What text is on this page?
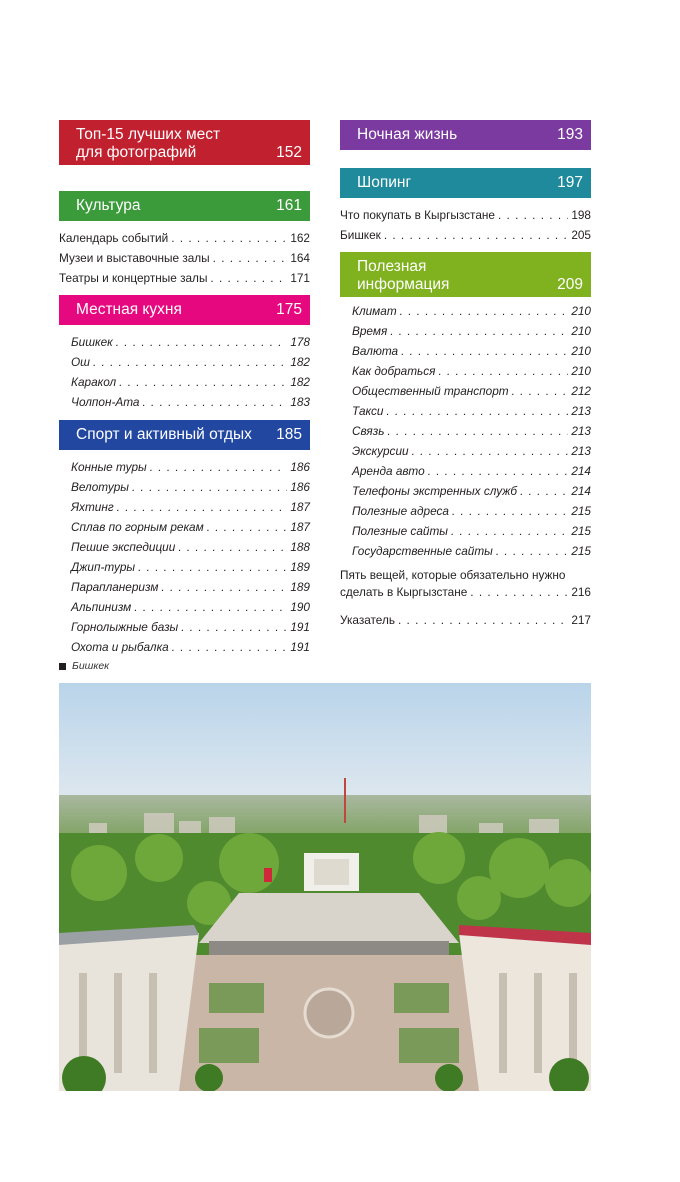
Топ-15 лучших мест
для фотографий	152
Культура	161
Календарь событий . . .	162
Музеи и выставочные залы . . .	164
Театры и концертные залы . . .	171
Местная кухня	175
Бишкек . . .	178
Ош . . .	182
Каракол . . .	182
Чолпон-Ата . . .	183
Спорт и активный отдых 185
Конные туры . . .	186
Велотуры . . .	186
Яхтинг . . .	187
Сплав по горным рекам . . .	187
Пешие экспедиции . . .	188
Джип-туры . . .	189
Парапланеризм . . .	189
Альпинизм . . .	190
Горнолыжные базы . . .	191
Охота и рыбалка . . .	191
Ночная жизнь	193
Шопинг	197
Что покупать в Кыргызстане . . .	198
Бишкек . . .	205
Полезная
информация	209
Климат . . .	210
Время . . .	210
Валюта . . .	210
Как добраться . . .	210
Общественный транспорт . . .	212
Такси . . .	213
Связь . . .	213
Экскурсии . . .	213
Аренда авто . . .	214
Телефоны экстренных служб . . .	214
Полезные адреса . . .	215
Полезные сайты . . .	215
Государственные сайты . . .	215
Пять вещей, которые обязательно нужно
сделать в Кыргызстане . . .	216
Указатель . . .	217
Бишкек
